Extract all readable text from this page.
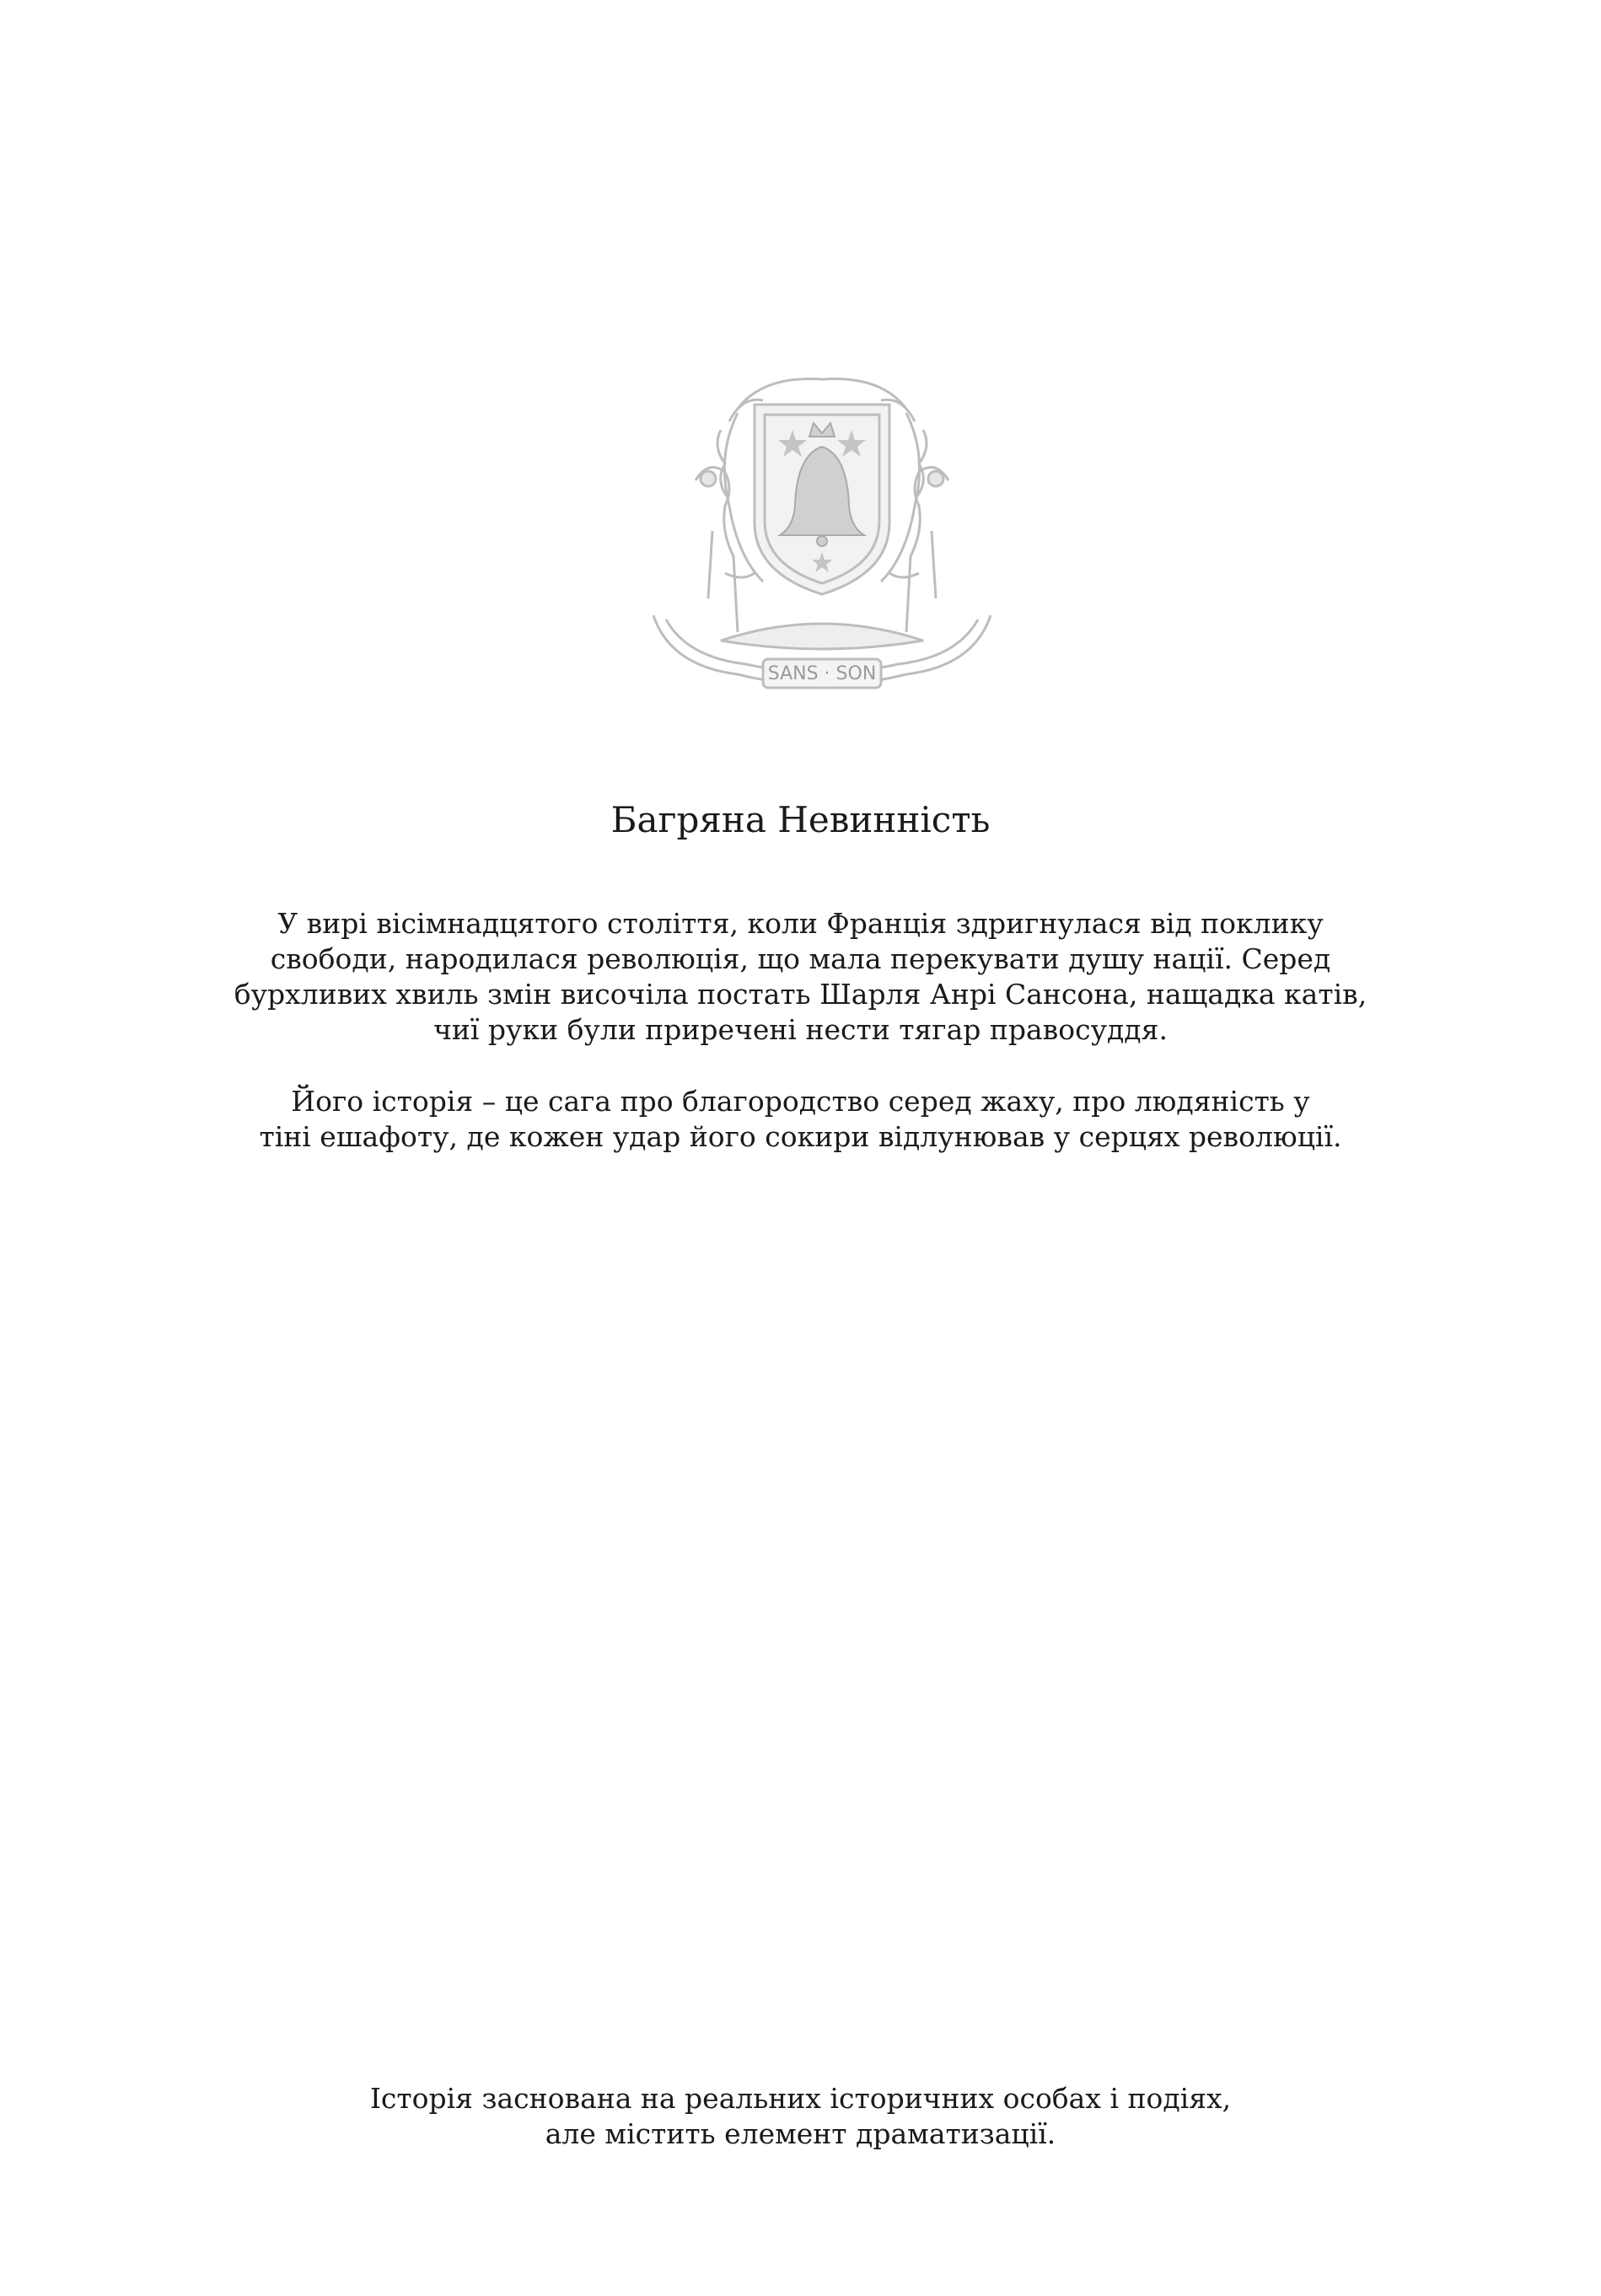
SANS · SON
Багряна Невинність
У вирі вісімнадцятого століття, коли Франція здригнулася від поклику
свободи, народилася революція, що мала перекувати душу нації. Серед
бурхливих хвиль змін височіла постать Шарля Анрі Сансона, нащадка катів,
чиї руки були приречені нести тягар правосуддя.
Його історія – це сага про благородство серед жаху, про людяність у
тіні ешафоту, де кожен удар його сокири відлунював у серцях революції.
Історія заснована на реальних історичних особах і подіях,
але містить елемент драматизації.
